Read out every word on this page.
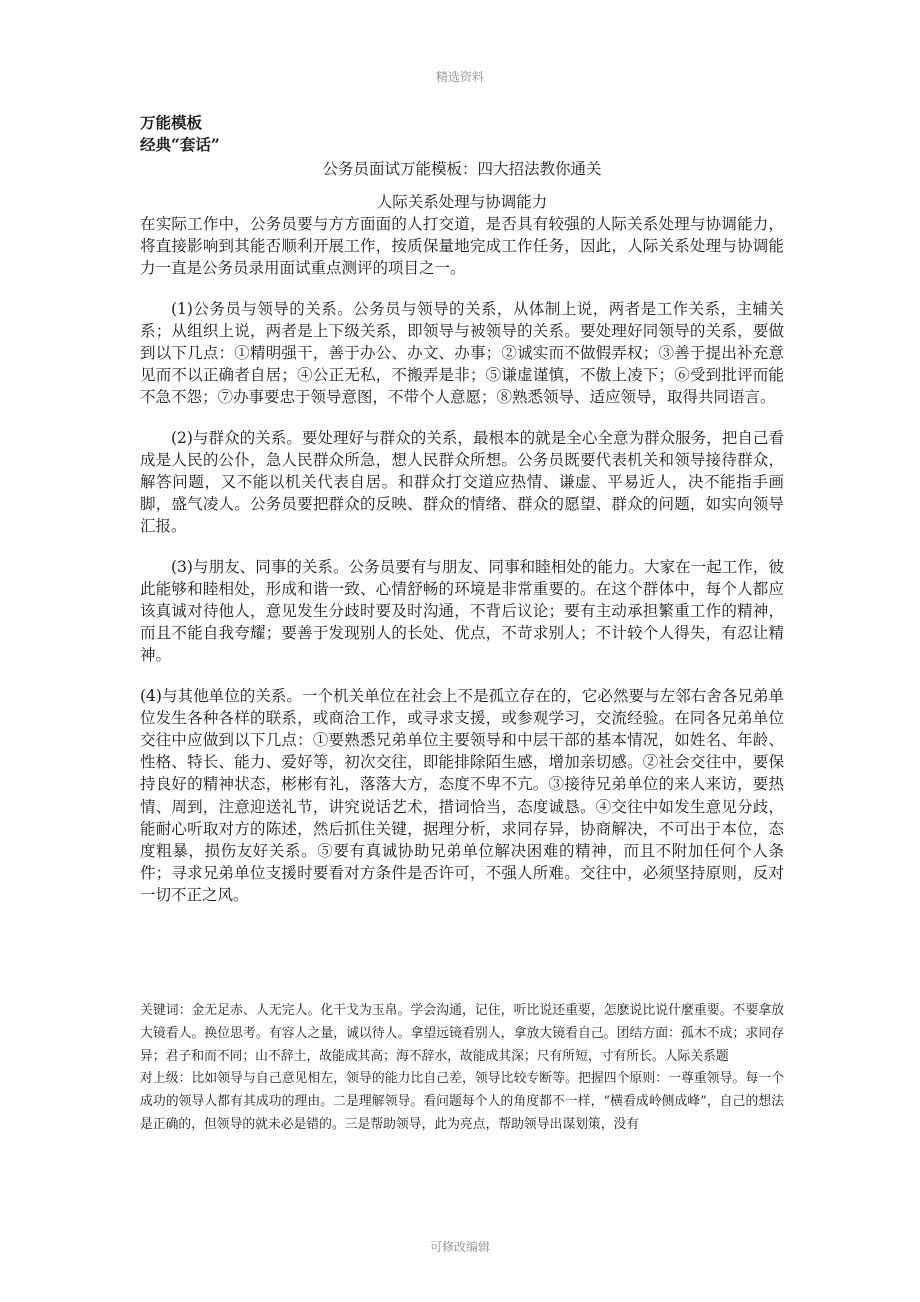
精选资料
万能模板
经典“套话”
公务员面试万能模板：四大招法教你通关
人际关系处理与协调能力

在实际工作中，公务员要与方方面面的人打交道，是否具有较强的人际关系处理与协调能力，将直接影响到其能否顺利开展工作，按质保量地完成工作任务，因此，人际关系处理与协调能力一直是公务员录用面试重点测评的项目之一。

(1)公务员与领导的关系。公务员与领导的关系，从体制上说，两者是工作关系，主辅关系；从组织上说，两者是上下级关系，即领导与被领导的关系。要处理好同领导的关系，要做到以下几点：①精明强干，善于办公、办文、办事；②诚实而不做假弄权；③善于提出补充意见而不以正确者自居；④公正无私，不搬弄是非；⑤谦虚谨慎，不傲上凌下；⑥受到批评而能不急不怨；⑦办事要忠于领导意图，不带个人意愿；⑧熟悉领导、适应领导，取得共同语言。

(2)与群众的关系。要处理好与群众的关系，最根本的就是全心全意为群众服务，把自己看成是人民的公仆，急人民群众所急，想人民群众所想。公务员既要代表机关和领导接待群众，解答问题，又不能以机关代表自居。和群众打交道应热情、谦虚、平易近人，决不能指手画脚，盛气凌人。公务员要把群众的反映、群众的情绪、群众的愿望、群众的问题，如实向领导汇报。

(3)与朋友、同事的关系。公务员要有与朋友、同事和睦相处的能力。大家在一起工作，彼此能够和睦相处，形成和谐一致、心情舒畅的环境是非常重要的。在这个群体中，每个人都应该真诚对待他人，意见发生分歧时要及时沟通，不背后议论；要有主动承担繁重工作的精神，而且不能自我夸耀；要善于发现别人的长处、优点，不苛求别人；不计较个人得失，有忍让精神。

(4)与其他单位的关系。一个机关单位在社会上不是孤立存在的，它必然要与左邻右舍各兄弟单位发生各种各样的联系，或商洽工作，或寻求支援，或参观学习，交流经验。在同各兄弟单位交往中应做到以下几点：①要熟悉兄弟单位主要领导和中层干部的基本情况，如姓名、年龄、性格、特长、能力、爱好等，初次交往，即能排除陌生感，增加亲切感。②社会交往中，要保持良好的精神状态，彬彬有礼，落落大方，态度不卑不亢。③接待兄弟单位的来人来访，要热情、周到，注意迎送礼节，讲究说话艺术，措词恰当，态度诚恳。④交往中如发生意见分歧，能耐心听取对方的陈述，然后抓住关键，据理分析，求同存异，协商解决，不可出于本位，态度粗暴，损伤友好关系。⑤要有真诚协助兄弟单位解决困难的精神，而且不附加任何个人条件；寻求兄弟单位支援时要看对方条件是否许可，不强人所难。交往中，必须坚持原则，反对一切不正之风。

关键词：金无足赤、人无完人。化干戈为玉帛。学会沟通，记住，听比说还重要，怎麽说比说什麼重要。不要拿放大镜看人。换位思考。有容人之量，诚以待人。拿望远镜看别人，拿放大镜看自己。团结方面：孤木不成；求同存异；君子和而不同；山不辞土，故能成其高；海不辞水，故能成其深；尺有所短，寸有所长。人际关系题

对上级：比如领导与自己意见相左，领导的能力比自己差，领导比较专断等。把握四个原则：一尊重领导。每一个成功的领导人都有其成功的理由。二是理解领导。看问题每个人的角度都不一样，“横看成岭侧成峰”，自己的想法是正确的，但领导的就未必是错的。三是帮助领导，此为亮点，帮助领导出谋划策，没有

可修改编辑
